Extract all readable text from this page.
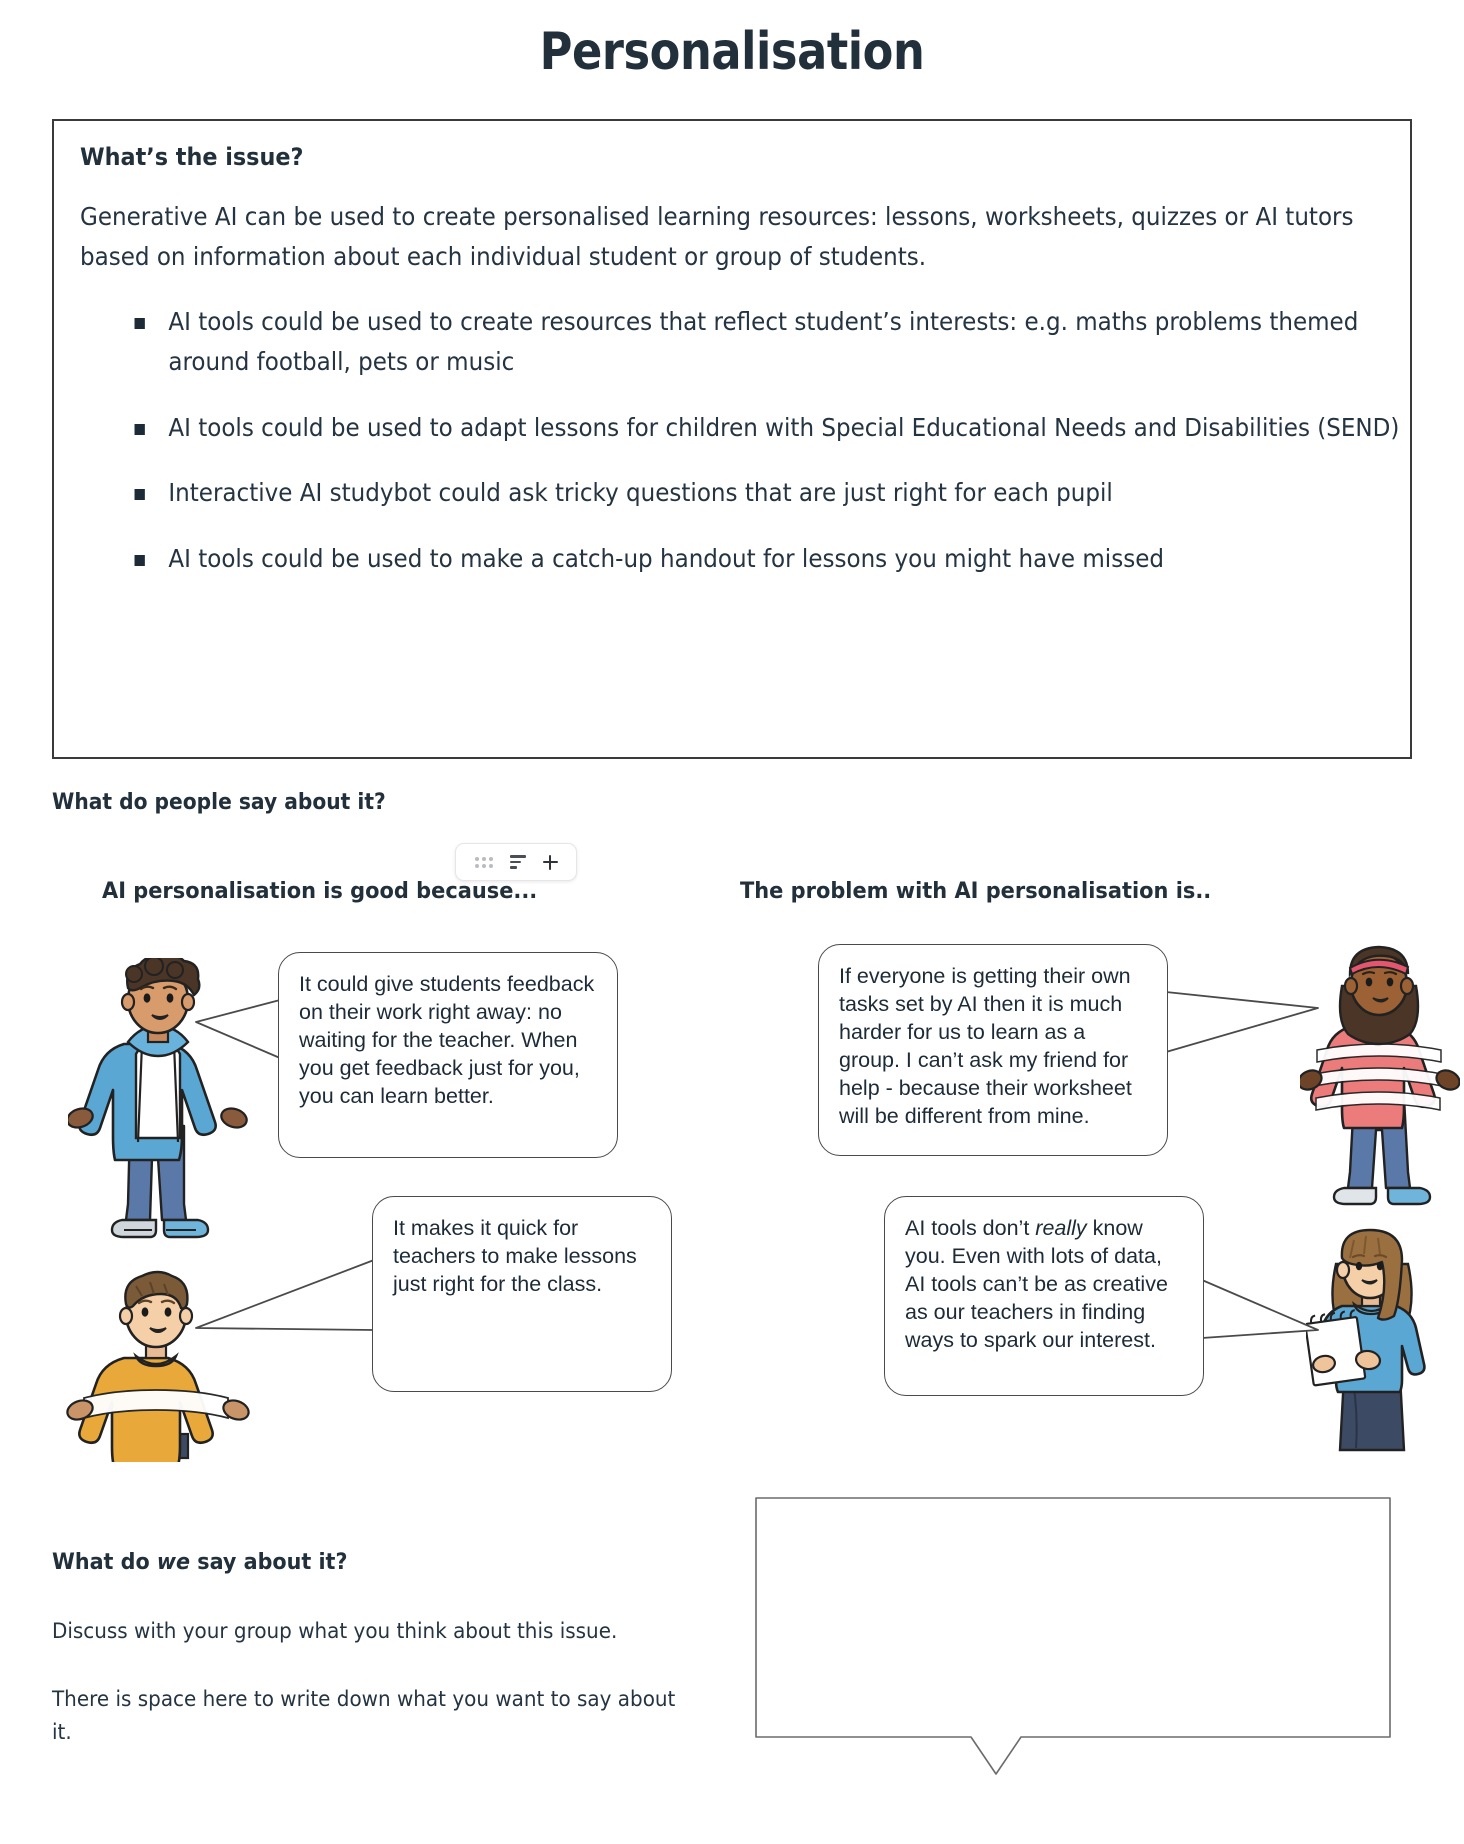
Personalisation
What’s the issue?

Generative AI can be used to create personalised learning resources: lessons, worksheets, quizzes or AI tutors based on information about each individual student or group of students.

AI tools could be used to create resources that reflect student’s interests: e.g. maths problems themed around football, pets or music
AI tools could be used to adapt lessons for children with Special Educational Needs and Disabilities (SEND)
Interactive AI studybot could ask tricky questions that are just right for each pupil
AI tools could be used to make a catch-up handout for lessons you might have missed
What do people say about it?
AI personalisation is good because...	The problem with AI personalisation is..
It could give students feedback on their work right away: no waiting for the teacher. When you get feedback just for you, you can learn better.
It makes it quick for teachers to make lessons just right for the class.
If everyone is getting their own tasks set by AI then it is much harder for us to learn as a group. I can’t ask my friend for help - because their worksheet will be different from mine.
AI tools don’t really know you. Even with lots of data, AI tools can’t be as creative as our teachers in finding ways to spark our interest.
What do we say about it?
Discuss with your group what you think about this issue.
There is space here to write down what you want to say about it.
